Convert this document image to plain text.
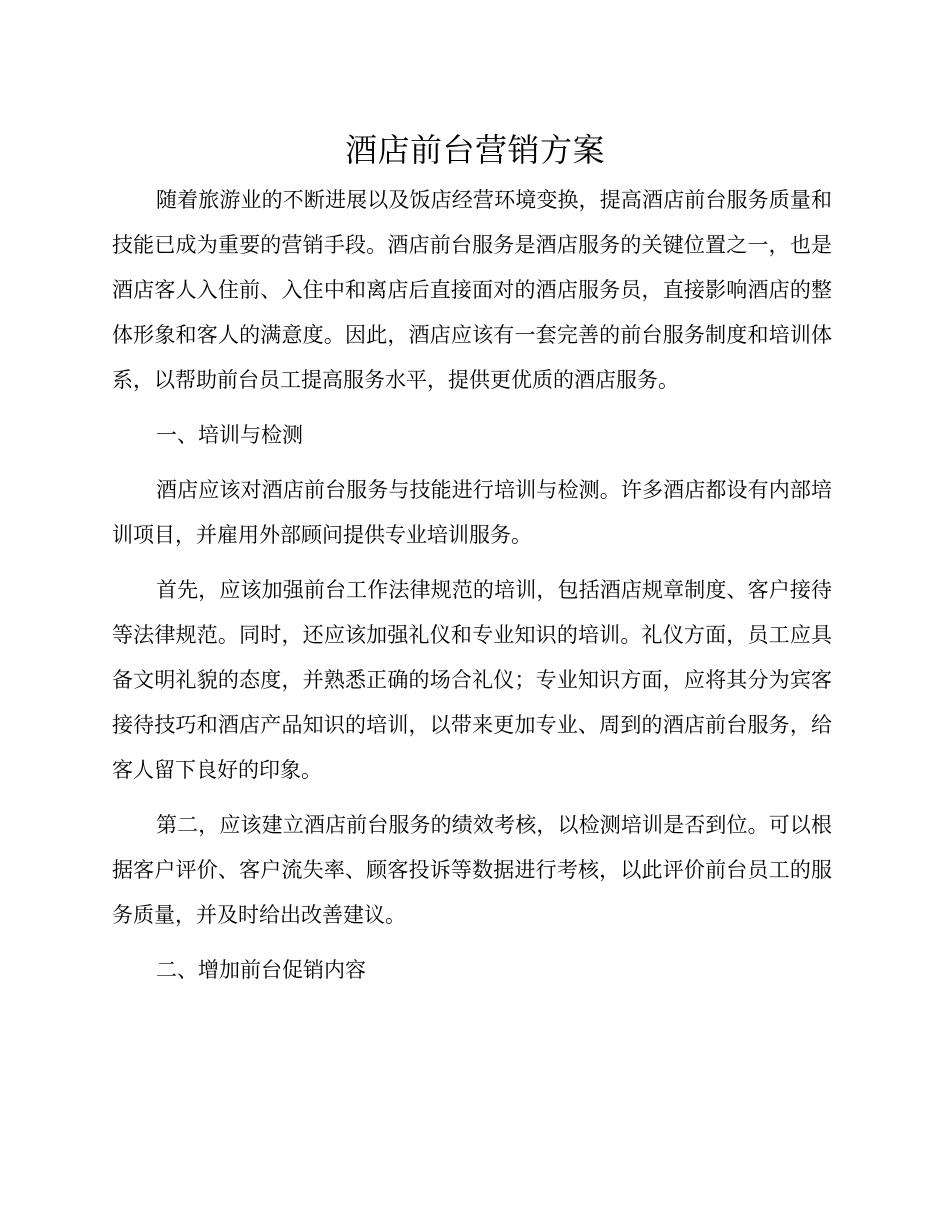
酒店前台营销方案

随着旅游业的不断进展以及饭店经营环境变换，提高酒店前台服务质量和技能已成为重要的营销手段。酒店前台服务是酒店服务的关键位置之一，也是酒店客人入住前、入住中和离店后直接面对的酒店服务员，直接影响酒店的整体形象和客人的满意度。因此，酒店应该有一套完善的前台服务制度和培训体系，以帮助前台员工提高服务水平，提供更优质的酒店服务。

一、培训与检测

酒店应该对酒店前台服务与技能进行培训与检测。许多酒店都设有内部培训项目，并雇用外部顾问提供专业培训服务。

首先，应该加强前台工作法律规范的培训，包括酒店规章制度、客户接待等法律规范。同时，还应该加强礼仪和专业知识的培训。礼仪方面，员工应具备文明礼貌的态度，并熟悉正确的场合礼仪；专业知识方面，应将其分为宾客接待技巧和酒店产品知识的培训，以带来更加专业、周到的酒店前台服务，给客人留下良好的印象。

第二，应该建立酒店前台服务的绩效考核，以检测培训是否到位。可以根据客户评价、客户流失率、顾客投诉等数据进行考核，以此评价前台员工的服务质量，并及时给出改善建议。

二、增加前台促销内容
